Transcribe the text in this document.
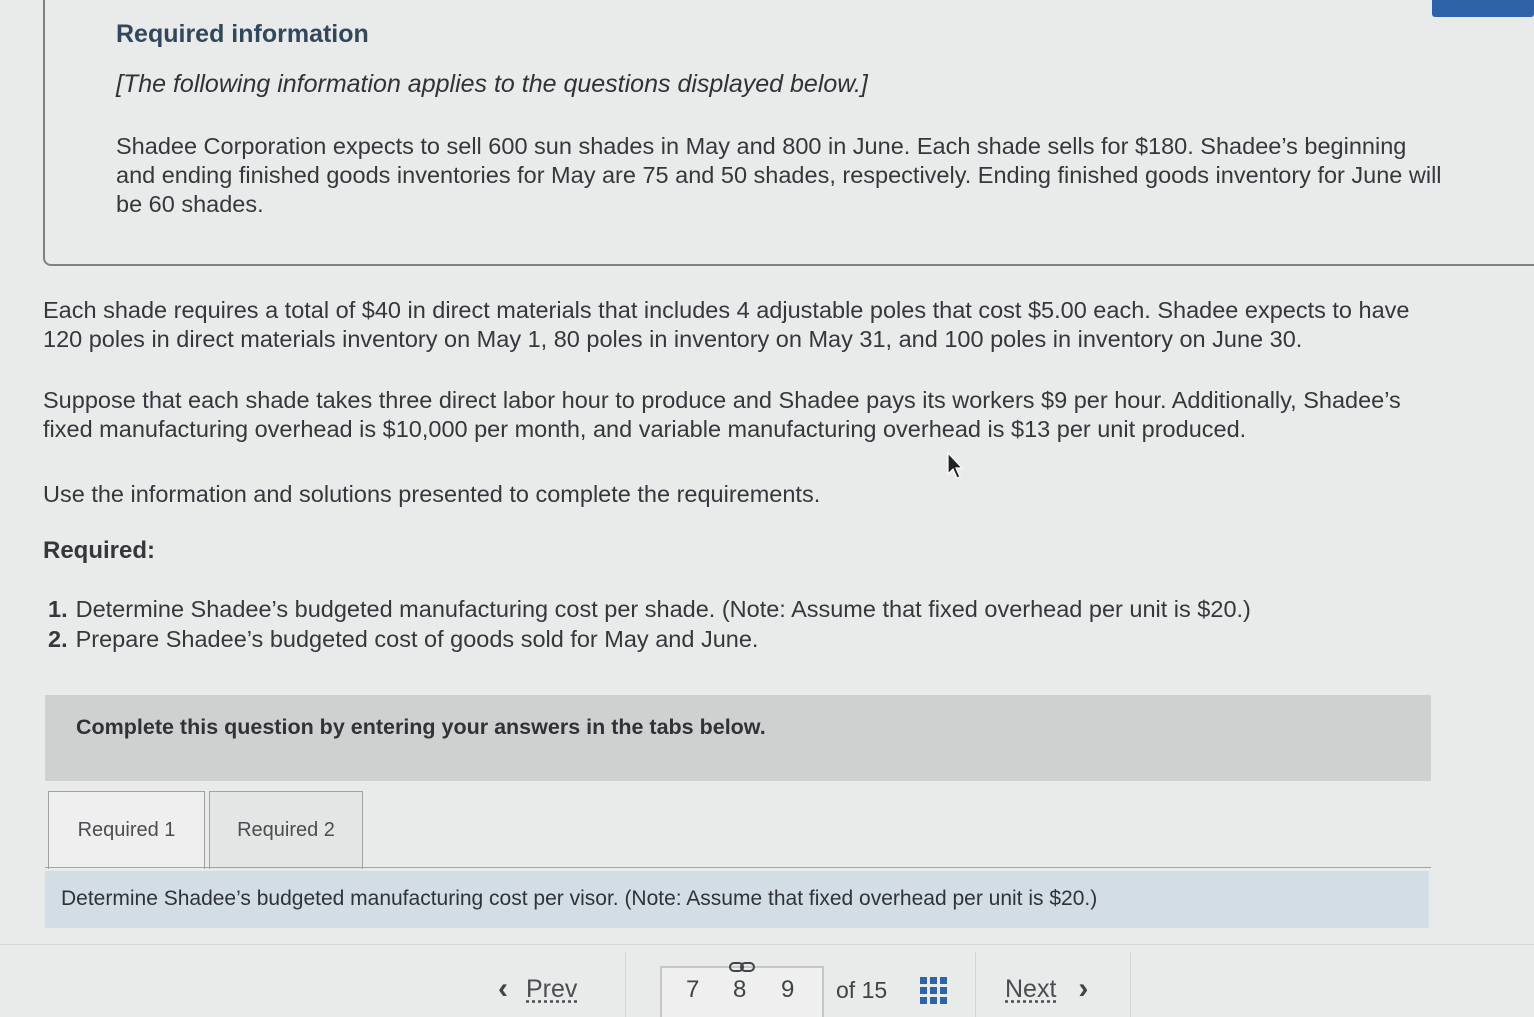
Required information
[The following information applies to the questions displayed below.]

Shadee Corporation expects to sell 600 sun shades in May and 800 in June. Each shade sells for $180. Shadee’s beginning and ending finished goods inventories for May are 75 and 50 shades, respectively. Ending finished goods inventory for June will be 60 shades.

Each shade requires a total of $40 in direct materials that includes 4 adjustable poles that cost $5.00 each. Shadee expects to have
120 poles in direct materials inventory on May 1, 80 poles in inventory on May 31, and 100 poles in inventory on June 30.
Suppose that each shade takes three direct labor hour to produce and Shadee pays its workers $9 per hour. Additionally, Shadee’s
fixed manufacturing overhead is $10,000 per month, and variable manufacturing overhead is $13 per unit produced.

Use the information and solutions presented to complete the requirements.

Required:
1. Determine Shadee’s budgeted manufacturing cost per shade. (Note: Assume that fixed overhead per unit is $20.)
2. Prepare Shadee’s budgeted cost of goods sold for May and June.
Complete this question by entering your answers in the tabs below.
Required 1	Required 2
Determine Shadee’s budgeted manufacturing cost per visor. (Note: Assume that fixed overhead per unit is $20.)
‹ Prev	7 8 9 of 15	Next ›
